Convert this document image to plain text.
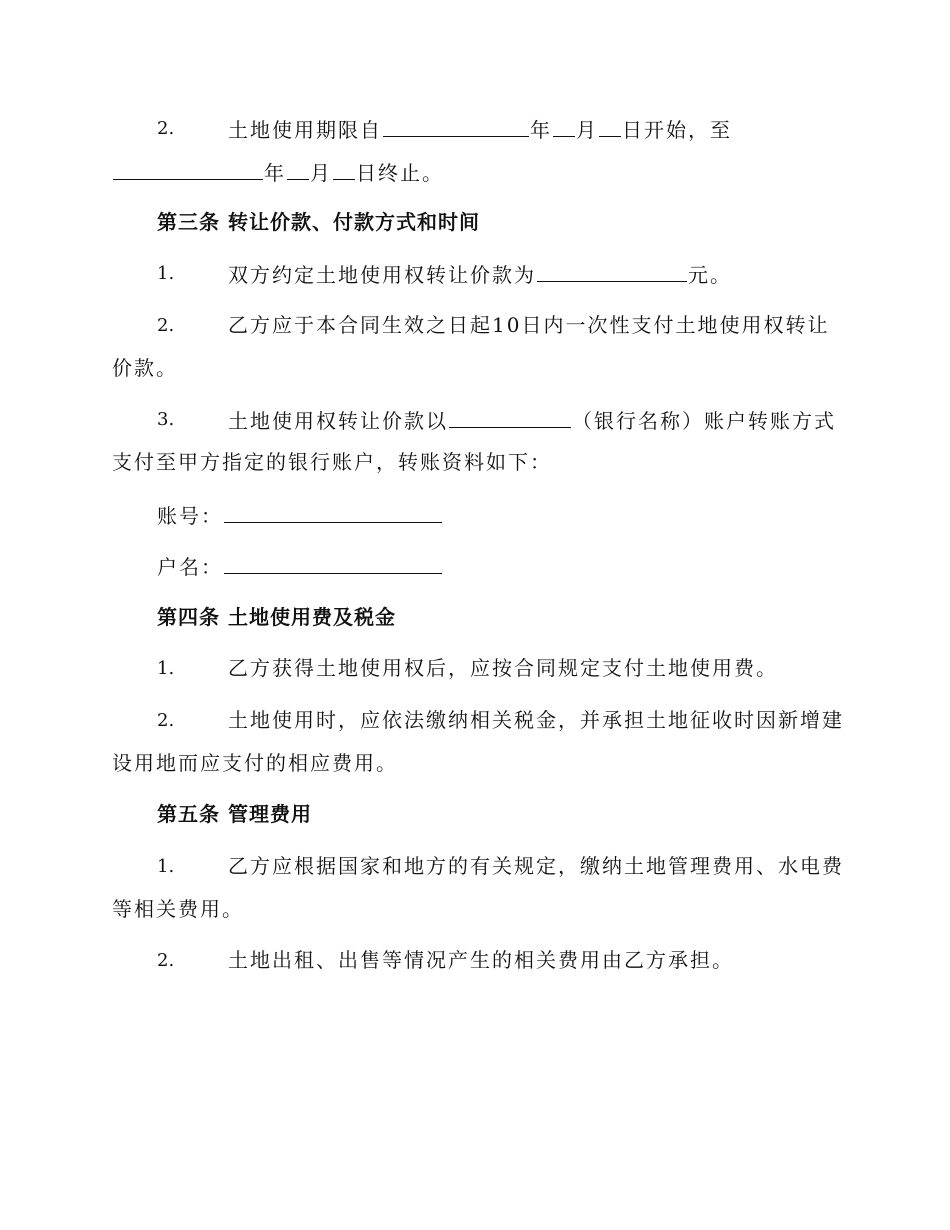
2.	土地使用期限自	年 月 日开始，至
年 月 日终止。
第三条 转让价款、付款方式和时间
1.	双方约定土地使用权转让价款为	元。
2.	乙方应于本合同生效之日起10日内一次性支付土地使用权转让
价款。
3.	土地使用权转让价款以	（银行名称）账户转账方式
支付至甲方指定的银行账户，转账资料如下：
账号：
户名：
第四条 土地使用费及税金
1.	乙方获得土地使用权后，应按合同规定支付土地使用费。
2.	土地使用时，应依法缴纳相关税金，并承担土地征收时因新增建
设用地而应支付的相应费用。
第五条 管理费用
1.	乙方应根据国家和地方的有关规定，缴纳土地管理费用、水电费
等相关费用。
2.	土地出租、出售等情况产生的相关费用由乙方承担。
